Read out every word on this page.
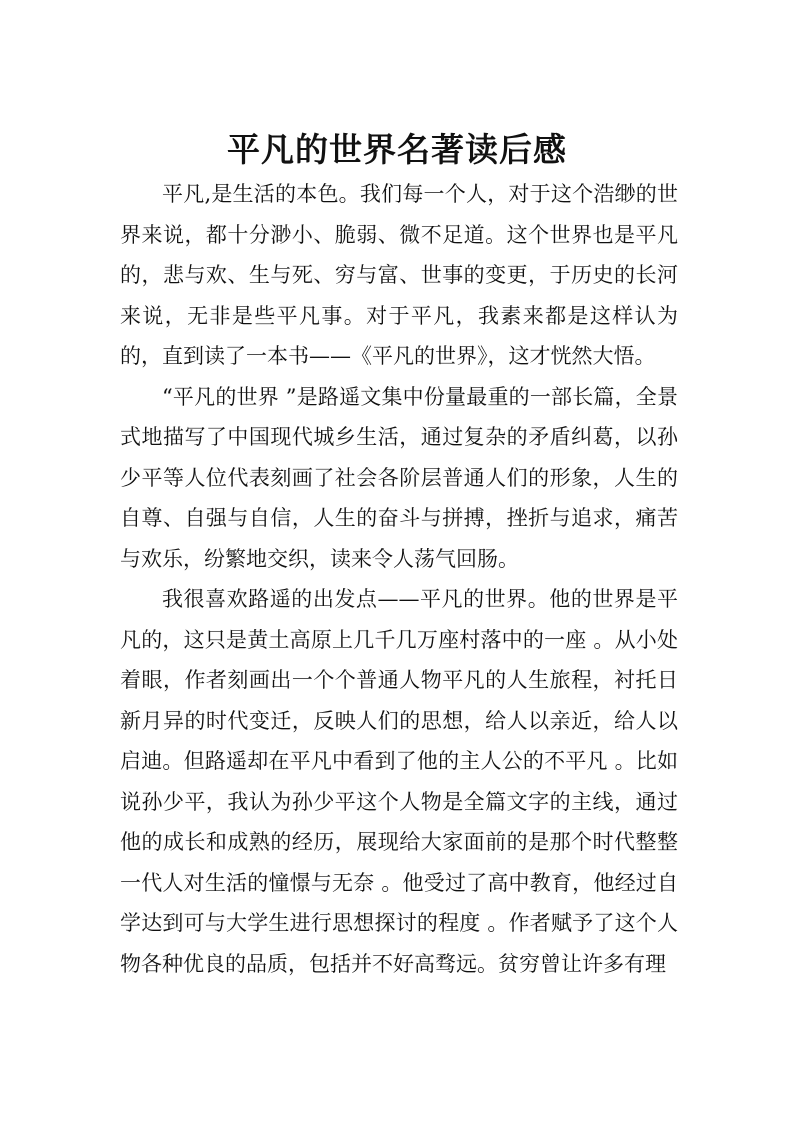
平凡的世界名著读后感

平凡,是生活的本色。我们每一个人，对于这个浩缈的世界来说，都十分渺小、脆弱、微不足道。这个世界也是平凡的，悲与欢、生与死、穷与富、世事的变更，于历史的长河来说，无非是些平凡事。对于平凡，我素来都是这样认为的，直到读了一本书——《平凡的世界》，这才恍然大悟。

“平凡的世界 ”是路遥文集中份量最重的一部长篇，全景式地描写了中国现代城乡生活，通过复杂的矛盾纠葛，以孙少平等人位代表刻画了社会各阶层普通人们的形象，人生的自尊、自强与自信，人生的奋斗与拼搏，挫折与追求，痛苦与欢乐，纷繁地交织，读来令人荡气回肠。

我很喜欢路遥的出发点——平凡的世界。他的世界是平凡的，这只是黄土高原上几千几万座村落中的一座 。从小处着眼，作者刻画出一个个普通人物平凡的人生旅程，衬托日新月异的时代变迁，反映人们的思想，给人以亲近，给人以启迪。但路遥却在平凡中看到了他的主人公的不平凡 。比如说孙少平，我认为孙少平这个人物是全篇文字的主线，通过他的成长和成熟的经历，展现给大家面前的是那个时代整整一代人对生活的憧憬与无奈 。他受过了高中教育，他经过自学达到可与大学生进行思想探讨的程度 。作者赋予了这个人物各种优良的品质，包括并不好高骛远。贫穷曾让许多有理
